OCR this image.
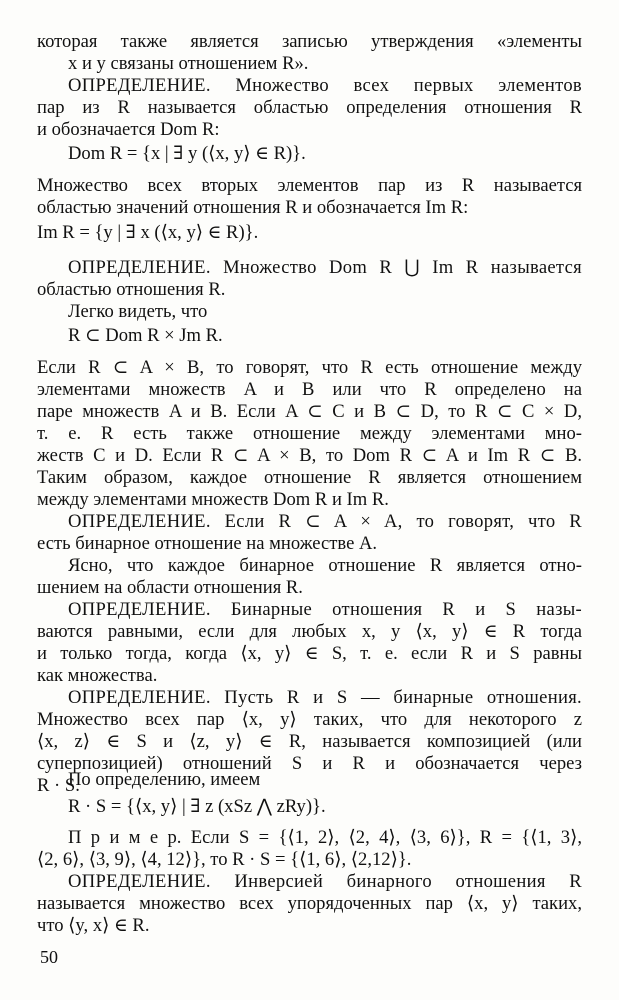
которая также является записью утверждения «элементы
x и y связаны отношением R».
ОПРЕДЕЛЕНИЕ. Множество всех первых элементов
пар из R называется областью определения отношения R
и обозначается Dom R:
Dom R = {x | ∃ y (⟨x, y⟩ ∈ R)}.
Множество всех вторых элементов пар из R называется
областью значений отношения R и обозначается Im R:
Im R = {y | ∃ x (⟨x, y⟩ ∈ R)}.
ОПРЕДЕЛЕНИЕ. Множество Dom R ⋃ Im R называется
областью отношения R.
Легко видеть, что
R ⊂ Dom R × Jm R.
Если R ⊂ A × B, то говорят, что R есть отношение между
элементами множеств A и B или что R определено на
паре множеств A и B. Если A ⊂ C и B ⊂ D, то R ⊂ C × D,
т. е. R есть также отношение между элементами мно-
жеств C и D. Если R ⊂ A × B, то Dom R ⊂ A и Im R ⊂ B.
Таким образом, каждое отношение R является отношением
между элементами множеств Dom R и Im R.
ОПРЕДЕЛЕНИЕ. Если R ⊂ A × A, то говорят, что R
есть бинарное отношение на множестве A.
Ясно, что каждое бинарное отношение R является отно-
шением на области отношения R.
ОПРЕДЕЛЕНИЕ. Бинарные отношения R и S назы-
ваются равными, если для любых x, y ⟨x, y⟩ ∈ R тогда
и только тогда, когда ⟨x, y⟩ ∈ S, т. е. если R и S равны
как множества.
ОПРЕДЕЛЕНИЕ. Пусть R и S — бинарные отношения.
Множество всех пар ⟨x, y⟩ таких, что для некоторого z
⟨x, z⟩ ∈ S и ⟨z, y⟩ ∈ R, называется композицией (или
суперпозицией) отношений S и R и обозначается через
R · S.
По определению, имеем
R · S = {⟨x, y⟩ | ∃ z (xSz ⋀ zRy)}.
П р и м е р. Если S = {⟨1, 2⟩, ⟨2, 4⟩, ⟨3, 6⟩}, R = {⟨1, 3⟩,
⟨2, 6⟩, ⟨3, 9⟩, ⟨4, 12⟩}, то R · S = {⟨1, 6⟩, ⟨2,12⟩}.
ОПРЕДЕЛЕНИЕ. Инверсией бинарного отношения R
называется множество всех упорядоченных пар ⟨x, y⟩ таких,
что ⟨y, x⟩ ∈ R.
50
